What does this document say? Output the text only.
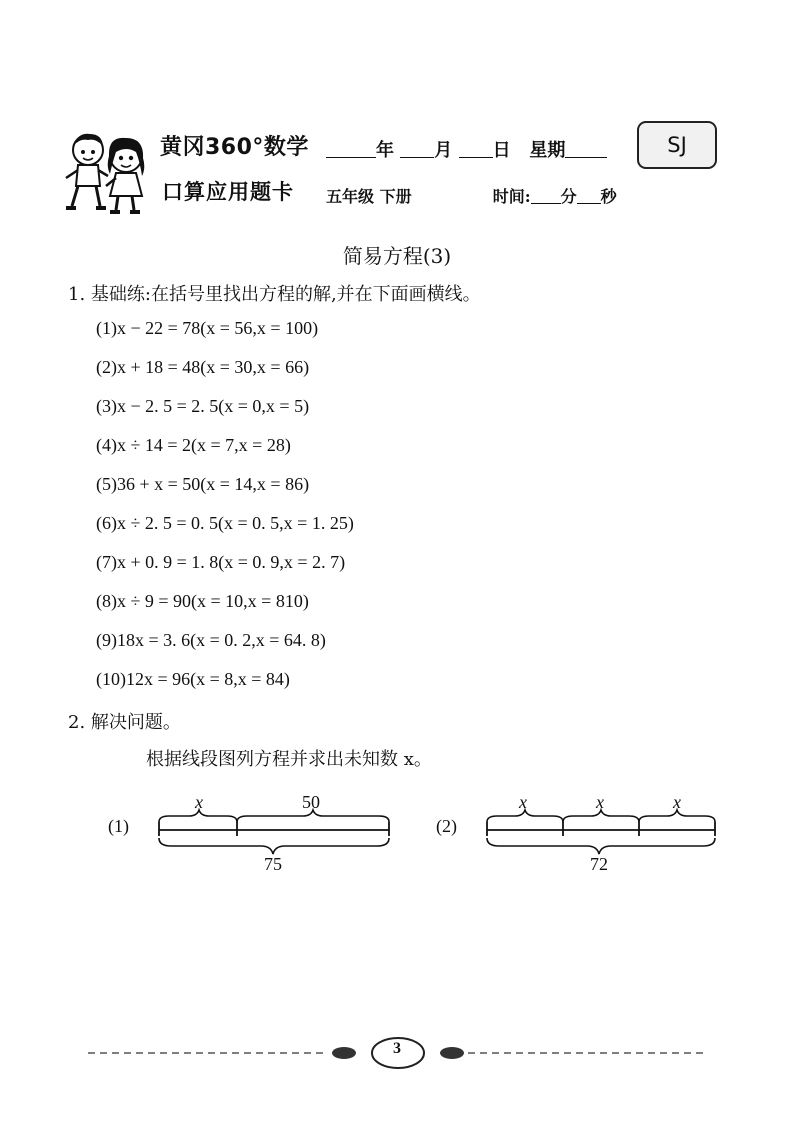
黄冈360°数学
口算应用题卡
年 月 日 星期
五年级 下册	时间: 分 秒
SJ
简易方程(3)
1. 基础练:在括号里找出方程的解,并在下面画横线。
(1)x − 22 = 78(x = 56,x = 100)
(2)x + 18 = 48(x = 30,x = 66)
(3)x − 2. 5 = 2. 5(x = 0,x = 5)
(4)x ÷ 14 = 2(x = 7,x = 28)
(5)36 + x = 50(x = 14,x = 86)
(6)x ÷ 2. 5 = 0. 5(x = 0. 5,x = 1. 25)
(7)x + 0. 9 = 1. 8(x = 0. 9,x = 2. 7)
(8)x ÷ 9 = 90(x = 10,x = 810)
(9)18x = 3. 6(x = 0. 2,x = 64. 8)
(10)12x = 96(x = 8,x = 84)
2. 解决问题。
根据线段图列方程并求出未知数 x。
(1)
x	50
75
(2)
x	x	x
72
3
